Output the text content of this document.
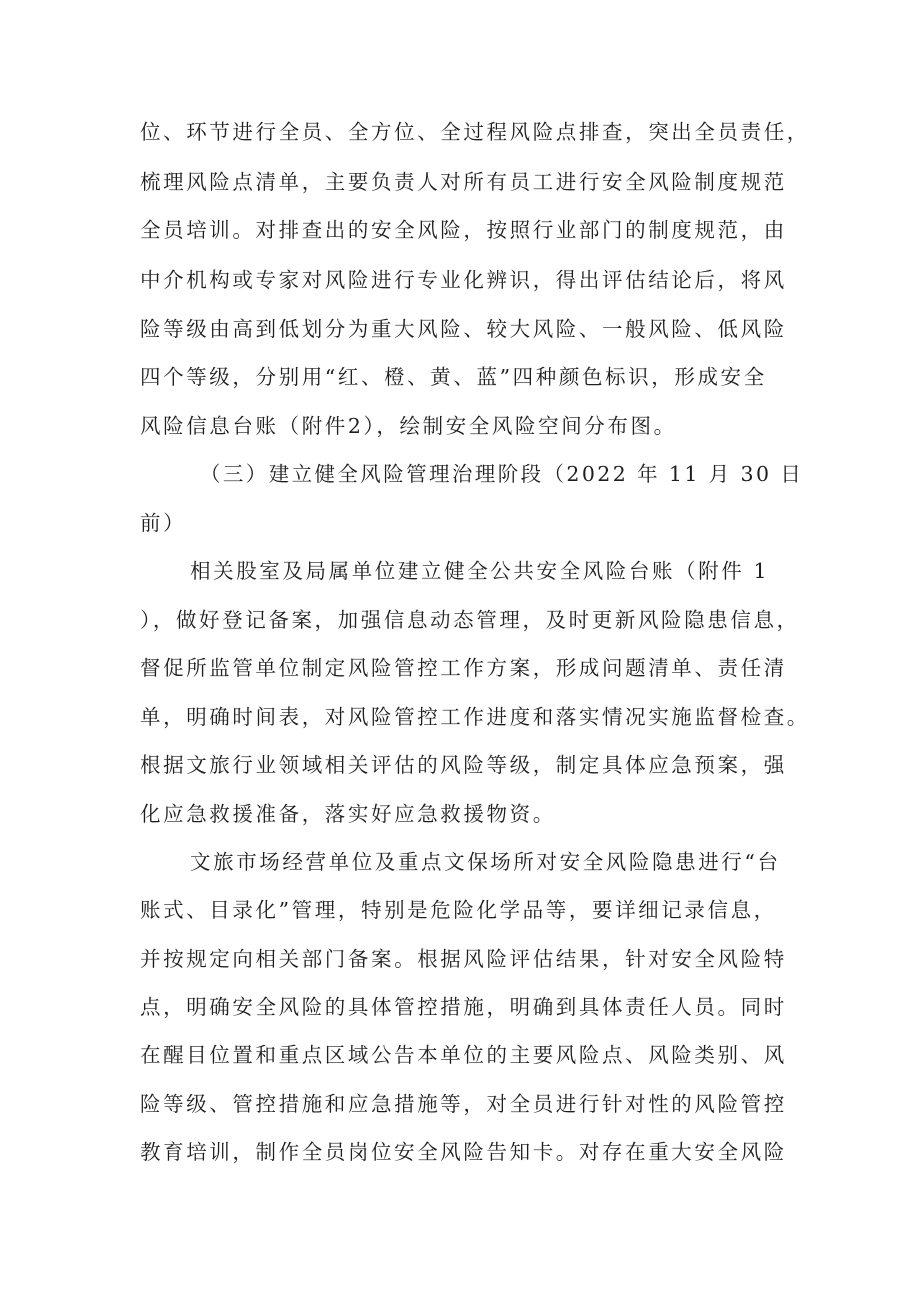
位、环节进行全员、全方位、全过程风险点排查，突出全员责任，
梳理风险点清单，主要负责人对所有员工进行安全风险制度规范
全员培训。对排查出的安全风险，按照行业部门的制度规范，由
中介机构或专家对风险进行专业化辨识，得出评估结论后，将风
险等级由高到低划分为重大风险、较大风险、一般风险、低风险
四个等级，分别用“红、橙、黄、蓝”四种颜色标识，形成安全
风险信息台账（附件2），绘制安全风险空间分布图。
（三）建立健全风险管理治理阶段（2022 年 11 月 30 日
前）
相关股室及局属单位建立健全公共安全风险台账（附件 1
），做好登记备案，加强信息动态管理，及时更新风险隐患信息，
督促所监管单位制定风险管控工作方案，形成问题清单、责任清
单，明确时间表，对风险管控工作进度和落实情况实施监督检查。
根据文旅行业领域相关评估的风险等级，制定具体应急预案，强
化应急救援准备，落实好应急救援物资。
文旅市场经营单位及重点文保场所对安全风险隐患进行“台
账式、目录化”管理，特别是危险化学品等，要详细记录信息，
并按规定向相关部门备案。根据风险评估结果，针对安全风险特
点，明确安全风险的具体管控措施，明确到具体责任人员。同时
在醒目位置和重点区域公告本单位的主要风险点、风险类别、风
险等级、管控措施和应急措施等，对全员进行针对性的风险管控
教育培训，制作全员岗位安全风险告知卡。对存在重大安全风险
